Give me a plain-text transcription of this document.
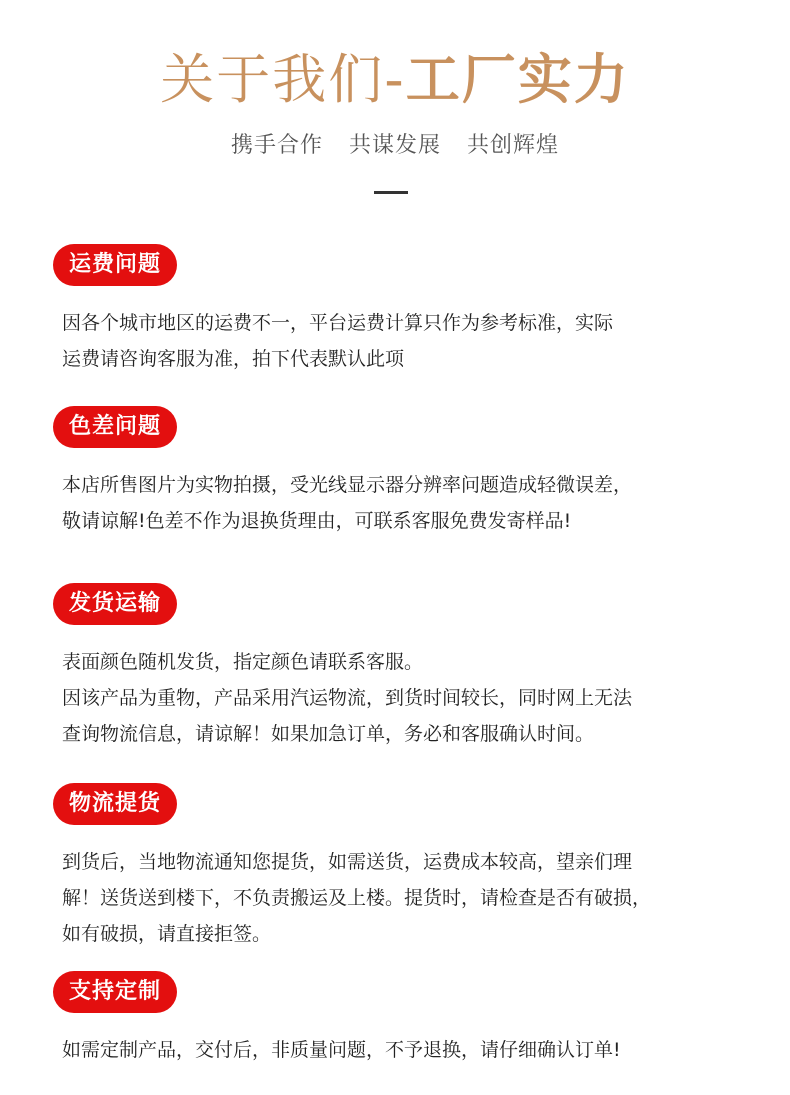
关于我们-工厂实力
携手合作 共谋发展 共创辉煌
运费问题
因各个城市地区的运费不一，平台运费计算只作为参考标准，实际
运费请咨询客服为准，拍下代表默认此项
色差问题
本店所售图片为实物拍摄，受光线显示器分辨率问题造成轻微误差，
敬请谅解!色差不作为退换货理由，可联系客服免费发寄样品!
发货运输
表面颜色随机发货，指定颜色请联系客服。
因该产品为重物，产品采用汽运物流，到货时间较长，同时网上无法
查询物流信息，请谅解！如果加急订单，务必和客服确认时间。
物流提货
到货后，当地物流通知您提货，如需送货，运费成本较高，望亲们理
解！送货送到楼下，不负责搬运及上楼。提货时，请检查是否有破损，
如有破损，请直接拒签。
支持定制
如需定制产品，交付后，非质量问题，不予退换，请仔细确认订单!
